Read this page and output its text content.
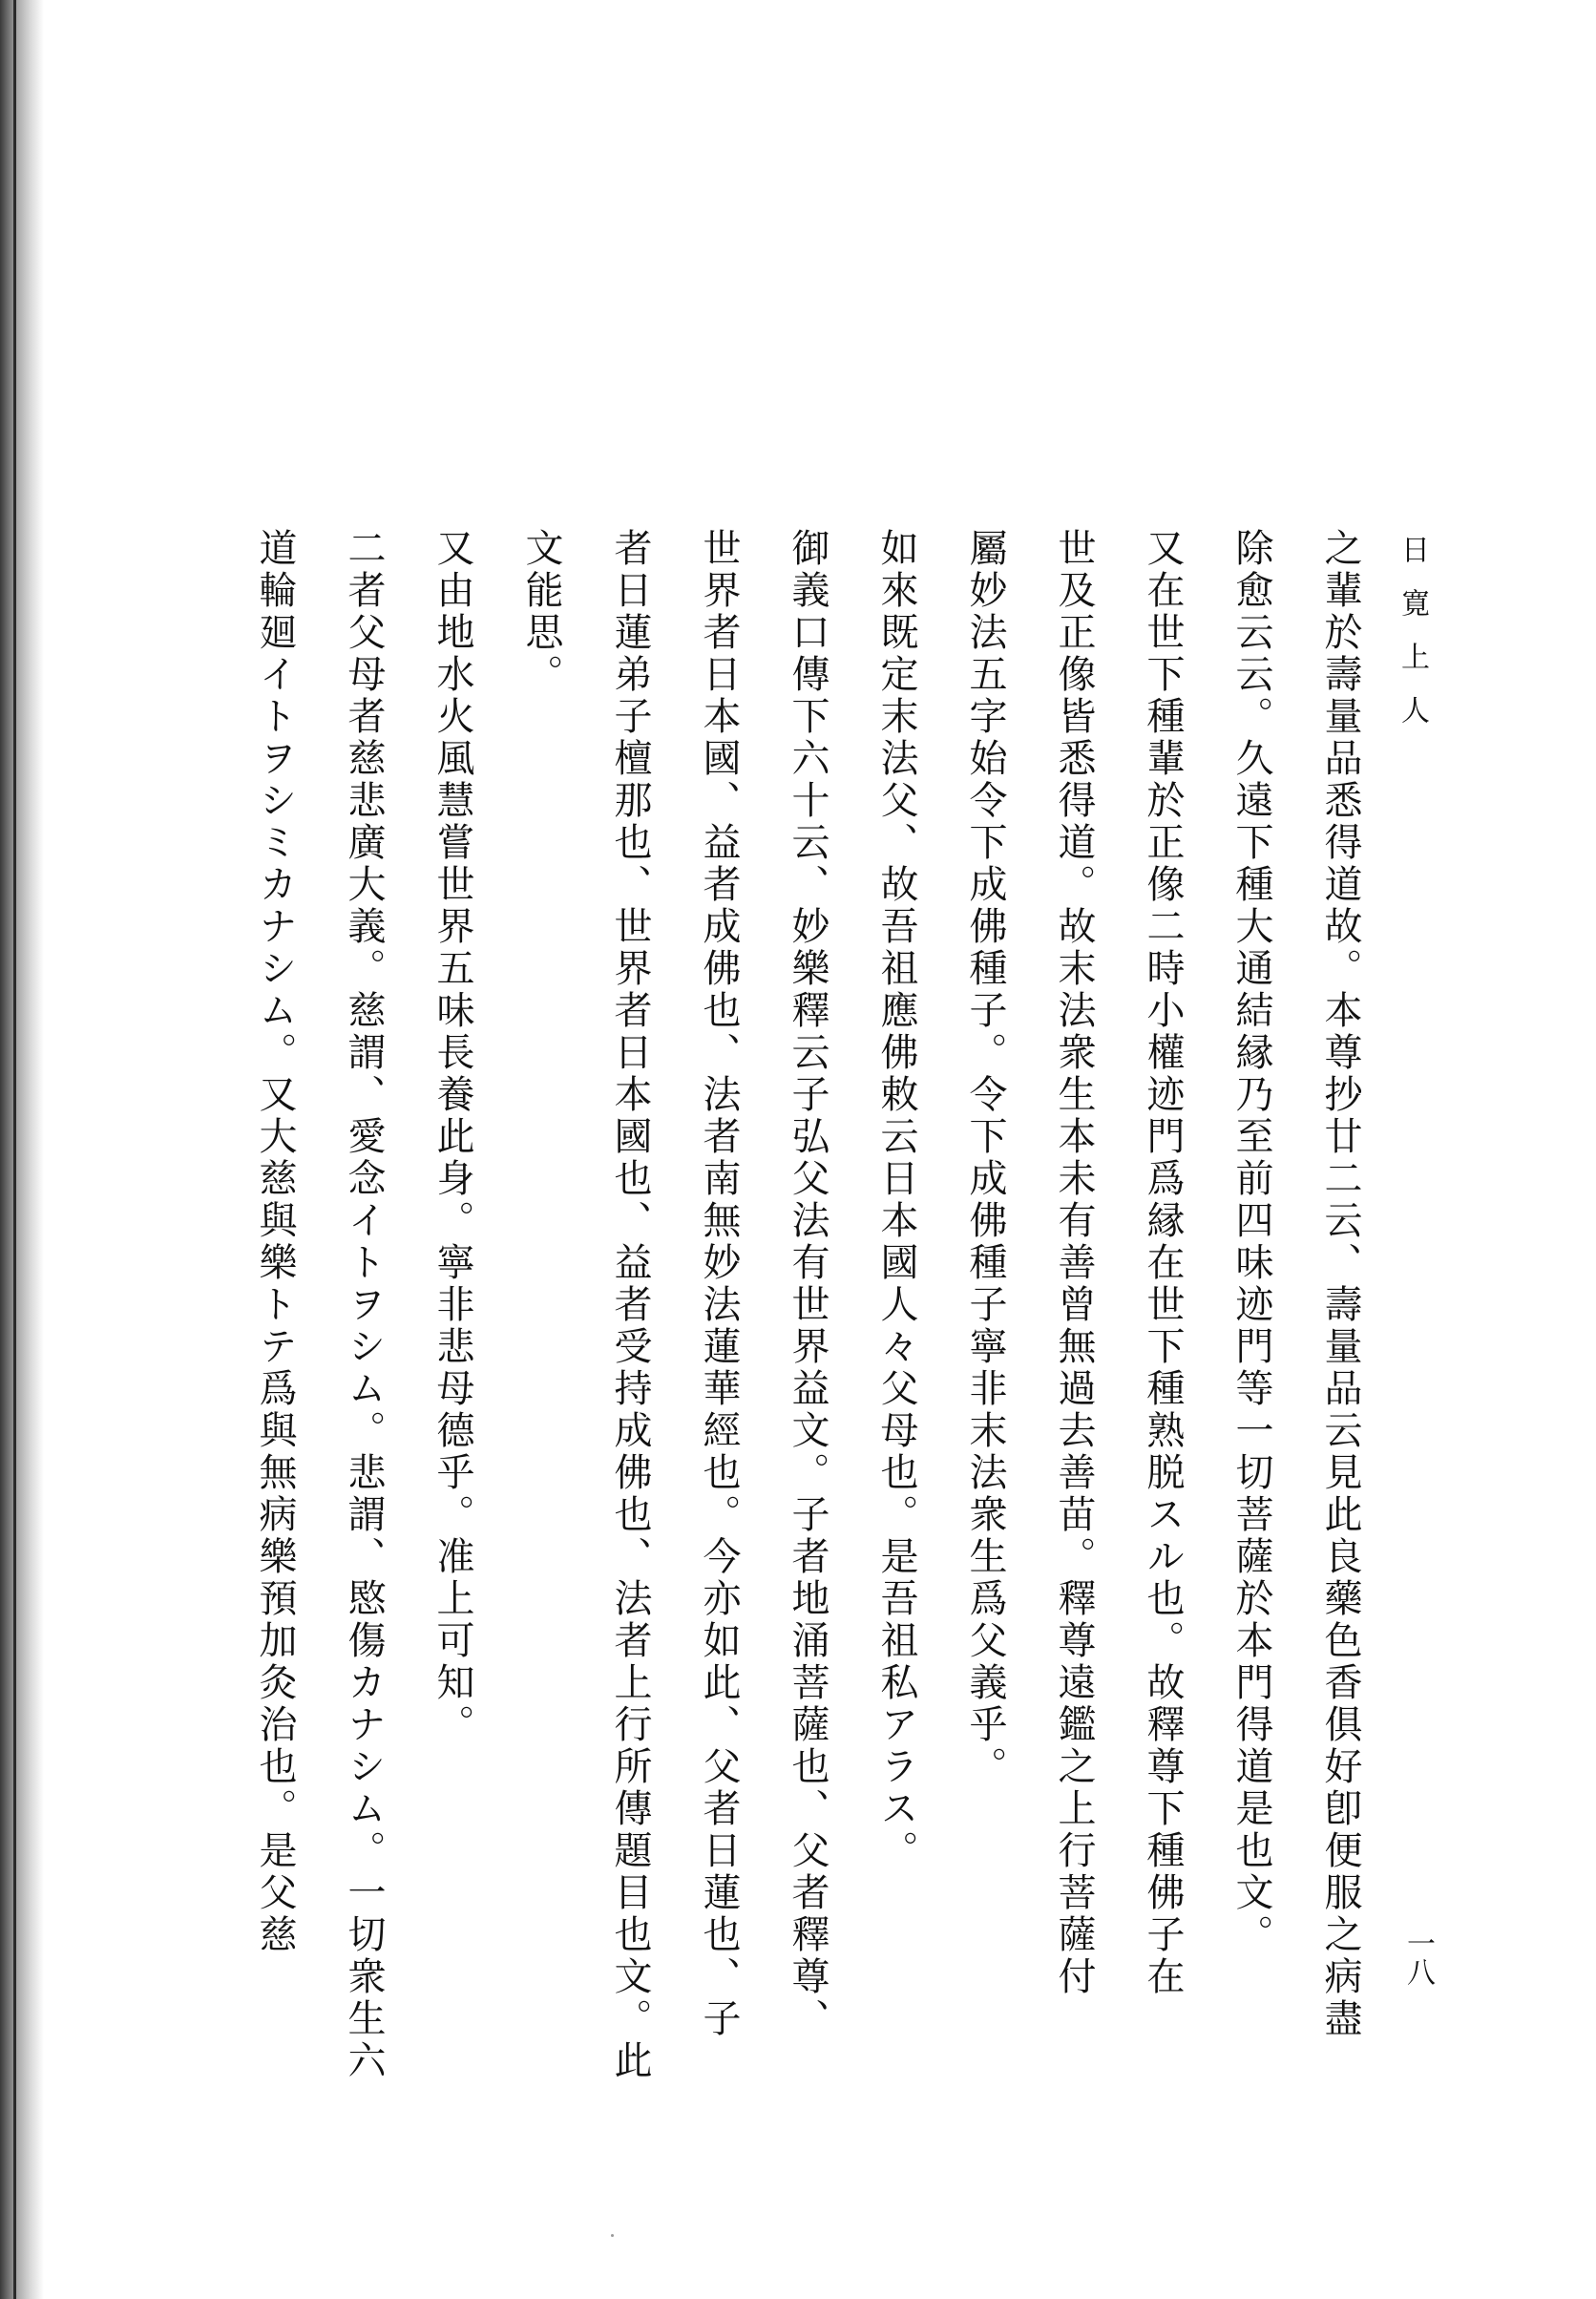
日寛上人
一八
之輩於壽量品悉得道故。本尊抄廿二云、壽量品云見此良藥色香俱好卽便服之病盡
除愈云云。久遠下種大通結縁乃至前四味迹門等一切菩薩於本門得道是也文。
又在世下種輩於正像二時小權迹門爲縁在世下種熟脱スル也。故釋尊下種佛子在
世及正像皆悉得道。故末法衆生本未有善曾無過去善苗。釋尊遠鑑之上行菩薩付
屬妙法五字始令下成佛種子。令下成佛種子寧非末法衆生爲父義乎。
如來既定末法父、故吾祖應佛敕云日本國人々父母也。是吾祖私アラス。
御義口傳下六十云、妙樂釋云子弘父法有世界益文。子者地涌菩薩也、父者釋尊、
世界者日本國、益者成佛也、法者南無妙法蓮華經也。今亦如此、父者日蓮也、子
者日蓮弟子檀那也、世界者日本國也、益者受持成佛也、法者上行所傳題目也文。此
文能思。
又由地水火風慧嘗世界五味長養此身。寧非悲母德乎。准上可知。
二者父母者慈悲廣大義。慈謂、愛念イトヲシム。悲謂、愍傷カナシム。一切衆生六
道輪廻イトヲシミカナシム。又大慈與樂トテ爲與無病樂預加灸治也。是父慈
